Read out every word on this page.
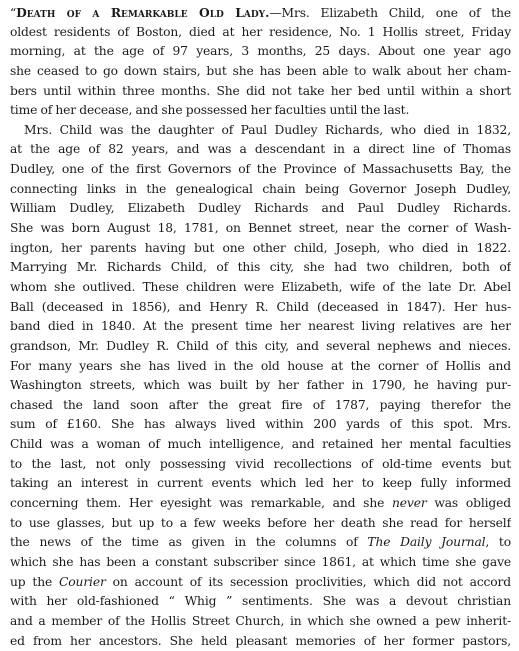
“Death of a Remarkable Old Lady.—Mrs. Elizabeth Child, one of the
oldest residents of Boston, died at her residence, No. 1 Hollis street, Friday
morning, at the age of 97 years, 3 months, 25 days. About one year ago
she ceased to go down stairs, but she has been able to walk about her cham-
bers until within three months. She did not take her bed until within a short
time of her decease, and she possessed her faculties until the last.
Mrs. Child was the daughter of Paul Dudley Richards, who died in 1832,
at the age of 82 years, and was a descendant in a direct line of Thomas
Dudley, one of the first Governors of the Province of Massachusetts Bay, the
connecting links in the genealogical chain being Governor Joseph Dudley,
William Dudley, Elizabeth Dudley Richards and Paul Dudley Richards.
She was born August 18, 1781, on Bennet street, near the corner of Wash-
ington, her parents having but one other child, Joseph, who died in 1822.
Marrying Mr. Richards Child, of this city, she had two children, both of
whom she outlived. These children were Elizabeth, wife of the late Dr. Abel
Ball (deceased in 1856), and Henry R. Child (deceased in 1847). Her hus-
band died in 1840. At the present time her nearest living relatives are her
grandson, Mr. Dudley R. Child of this city, and several nephews and nieces.
For many years she has lived in the old house at the corner of Hollis and
Washington streets, which was built by her father in 1790, he having pur-
chased the land soon after the great fire of 1787, paying therefor the
sum of £160. She has always lived within 200 yards of this spot. Mrs.
Child was a woman of much intelligence, and retained her mental faculties
to the last, not only possessing vivid recollections of old-time events but
taking an interest in current events which led her to keep fully informed
concerning them. Her eyesight was remarkable, and she never was obliged
to use glasses, but up to a few weeks before her death she read for herself
the news of the time as given in the columns of The Daily Journal, to
which she has been a constant subscriber since 1861, at which time she gave
up the Courier on account of its secession proclivities, which did not accord
with her old-fashioned “ Whig ” sentiments. She was a devout christian
and a member of the Hollis Street Church, in which she owned a pew inherit-
ed from her ancestors. She held pleasant memories of her former pastors,
